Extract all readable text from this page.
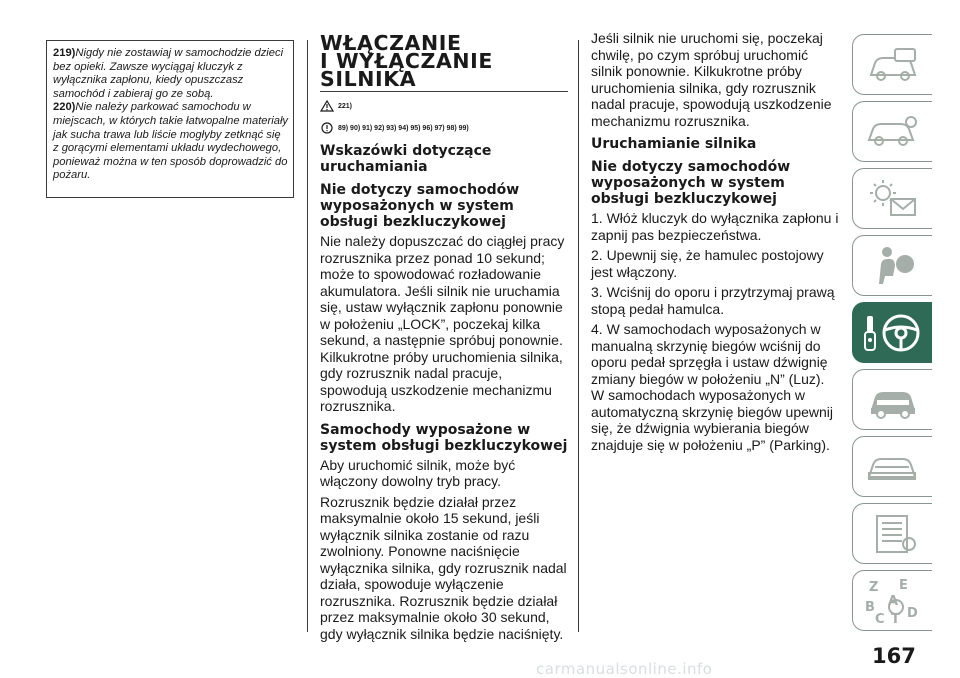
219)Nigdy nie zostawiaj w samochodzie dzieci bez opieki. Zawsze wyciągaj kluczyk z wyłącznika zapłonu, kiedy opuszczasz samochód i zabieraj go ze sobą.

220)Nie należy parkować samochodu w miejscach, w których takie łatwopalne materiały jak sucha trawa lub liście mogłyby zetknąć się z gorącymi elementami układu wydechowego, ponieważ można w ten sposób doprowadzić do pożaru.

WŁĄCZANIE
I WYŁĄCZANIE
SILNIKA
221)
89) 90) 91) 92) 93) 94) 95) 96) 97) 98) 99)
Wskazówki dotyczące uruchamiania
Nie dotyczy samochodów wyposażonych w system obsługi bezkluczykowej

Nie należy dopuszczać do ciągłej pracy rozrusznika przez ponad 10 sekund; może to spowodować rozładowanie akumulatora. Jeśli silnik nie uruchamia się, ustaw wyłącznik zapłonu ponownie w położeniu „LOCK”, poczekaj kilka sekund, a następnie spróbuj ponownie. Kilkukrotne próby uruchomienia silnika, gdy rozrusznik nadal pracuje, spowodują uszkodzenie mechanizmu rozrusznika.

Samochody wyposażone w system obsługi bezkluczykowej

Aby uruchomić silnik, może być włączony dowolny tryb pracy.

Rozrusznik będzie działał przez maksymalnie około 15 sekund, jeśli wyłącznik silnika zostanie od razu zwolniony. Ponowne naciśnięcie wyłącznika silnika, gdy rozrusznik nadal działa, spowoduje wyłączenie rozrusznika. Rozrusznik będzie działał przez maksymalnie około 30 sekund, gdy wyłącznik silnika będzie naciśnięty.

Jeśli silnik nie uruchomi się, poczekaj chwilę, po czym spróbuj uruchomić silnik ponownie. Kilkukrotne próby uruchomienia silnika, gdy rozrusznik nadal pracuje, spowodują uszkodzenie mechanizmu rozrusznika.

Uruchamianie silnika
Nie dotyczy samochodów wyposażonych w system obsługi bezkluczykowej

1. Włóż kluczyk do wyłącznika zapłonu i zapnij pas bezpieczeństwa.

2. Upewnij się, że hamulec postojowy jest włączony.

3. Wciśnij do oporu i przytrzymaj prawą stopą pedał hamulca.

4. W samochodach wyposażonych w manualną skrzynię biegów wciśnij do oporu pedał sprzęgła i ustaw dźwignię zmiany biegów w położeniu „N” (Luz). W samochodach wyposażonych w automatyczną skrzynię biegów upewnij się, że dźwignia wybierania biegów znajduje się w położeniu „P” (Parking).

Z E
B A
C T D
167
carmanualsonline.info
